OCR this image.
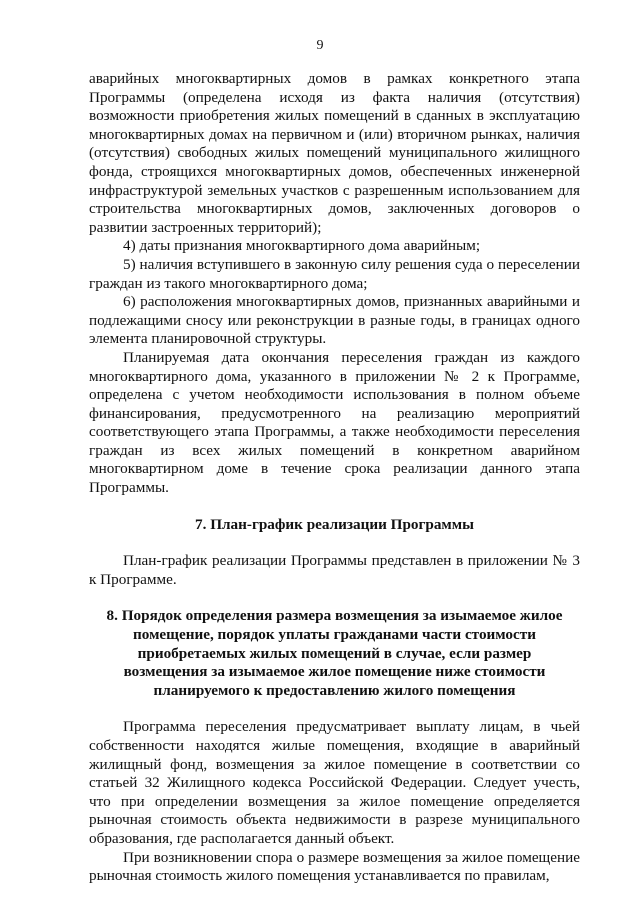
9

аварийных многоквартирных домов в рамках конкретного этапа Программы (определена исходя из факта наличия (отсутствия) возможности приобретения жилых помещений в сданных в эксплуатацию многоквартирных домах на первичном и (или) вторичном рынках, наличия (отсутствия) свободных жилых помещений муниципального жилищного фонда, строящихся многоквартирных домов, обеспеченных инженерной инфраструктурой земельных участков с разрешенным использованием для строительства многоквартирных домов, заключенных договоров о развитии застроенных территорий);

4) даты признания многоквартирного дома аварийным;

5) наличия вступившего в законную силу решения суда о переселении граждан из такого многоквартирного дома;

6) расположения многоквартирных домов, признанных аварийными и подлежащими сносу или реконструкции в разные годы, в границах одного элемента планировочной структуры.

Планируемая дата окончания переселения граждан из каждого многоквартирного дома, указанного в приложении № 2 к Программе, определена с учетом необходимости использования в полном объеме финансирования, предусмотренного на реализацию мероприятий соответствующего этапа Программы, а также необходимости переселения граждан из всех жилых помещений в конкретном аварийном многоквартирном доме в течение срока реализации данного этапа Программы.

7. План-график реализации Программы

План-график реализации Программы представлен в приложении № 3 к Программе.

8. Порядок определения размера возмещения за изымаемое жилое помещение, порядок уплаты гражданами части стоимости приобретаемых жилых помещений в случае, если размер возмещения за изымаемое жилое помещение ниже стоимости планируемого к предоставлению жилого помещения

Программа переселения предусматривает выплату лицам, в чьей собственности находятся жилые помещения, входящие в аварийный жилищный фонд, возмещения за жилое помещение в соответствии со статьей 32 Жилищного кодекса Российской Федерации. Следует учесть, что при определении возмещения за жилое помещение определяется рыночная стоимость объекта недвижимости в разрезе муниципального образования, где располагается данный объект.

При возникновении спора о размере возмещения за жилое помещение рыночная стоимость жилого помещения устанавливается по правилам,
